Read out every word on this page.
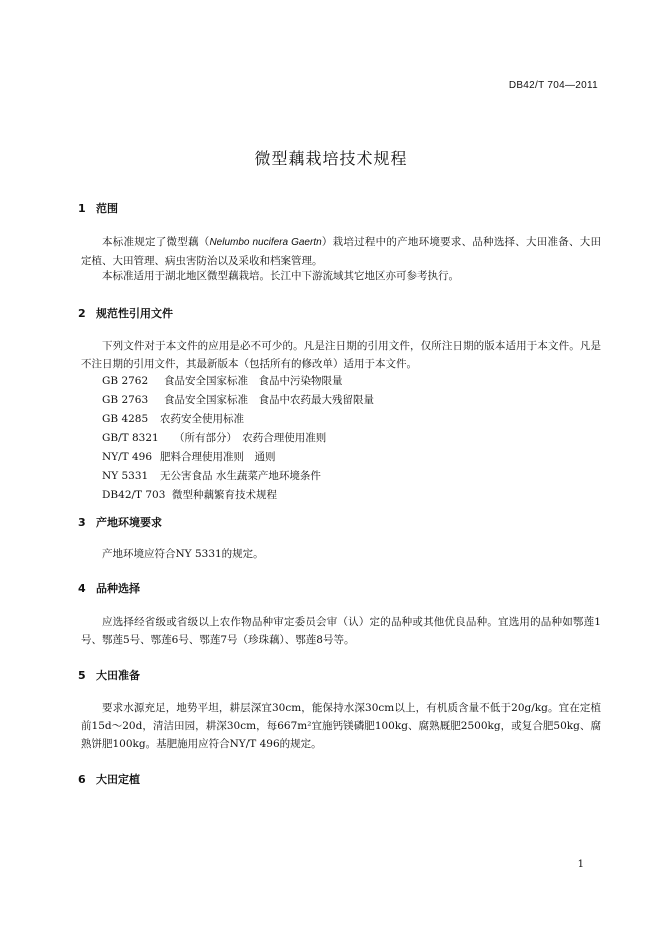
DB42/T 704—2011
微型藕栽培技术规程
1 范围
本标准规定了微型藕（Nelumbo nucifera Gaertn）栽培过程中的产地环境要求、品种选择、大田准备、大田定植、大田管理、病虫害防治以及采收和档案管理。
本标准适用于湖北地区微型藕栽培。长江中下游流域其它地区亦可参考执行。
2 规范性引用文件
下列文件对于本文件的应用是必不可少的。凡是注日期的引用文件，仅所注日期的版本适用于本文件。凡是不注日期的引用文件，其最新版本（包括所有的修改单）适用于本文件。
GB 2762 食品安全国家标准　食品中污染物限量
GB 2763 食品安全国家标准　食品中农药最大残留限量
GB 4285 农药安全使用标准
GB/T 8321 （所有部分）　农药合理使用准则
NY/T 496 肥料合理使用准则　通则
NY 5331 无公害食品 水生蔬菜产地环境条件
DB42/T 703 微型种藕繁育技术规程
3 产地环境要求
产地环境应符合NY 5331的规定。
4 品种选择
应选择经省级或省级以上农作物品种审定委员会审（认）定的品种或其他优良品种。宜选用的品种如鄂莲1号、鄂莲5号、鄂莲6号、鄂莲7号（珍珠藕）、鄂莲8号等。
5 大田准备
要求水源充足，地势平坦，耕层深宜30cm，能保持水深30cm以上，有机质含量不低于20g/kg。宜在定植前15d～20d，清洁田园，耕深30cm，每667m²宜施钙镁磷肥100kg、腐熟厩肥2500kg，或复合肥50kg、腐熟饼肥100kg。基肥施用应符合NY/T 496的规定。
6 大田定植
1
